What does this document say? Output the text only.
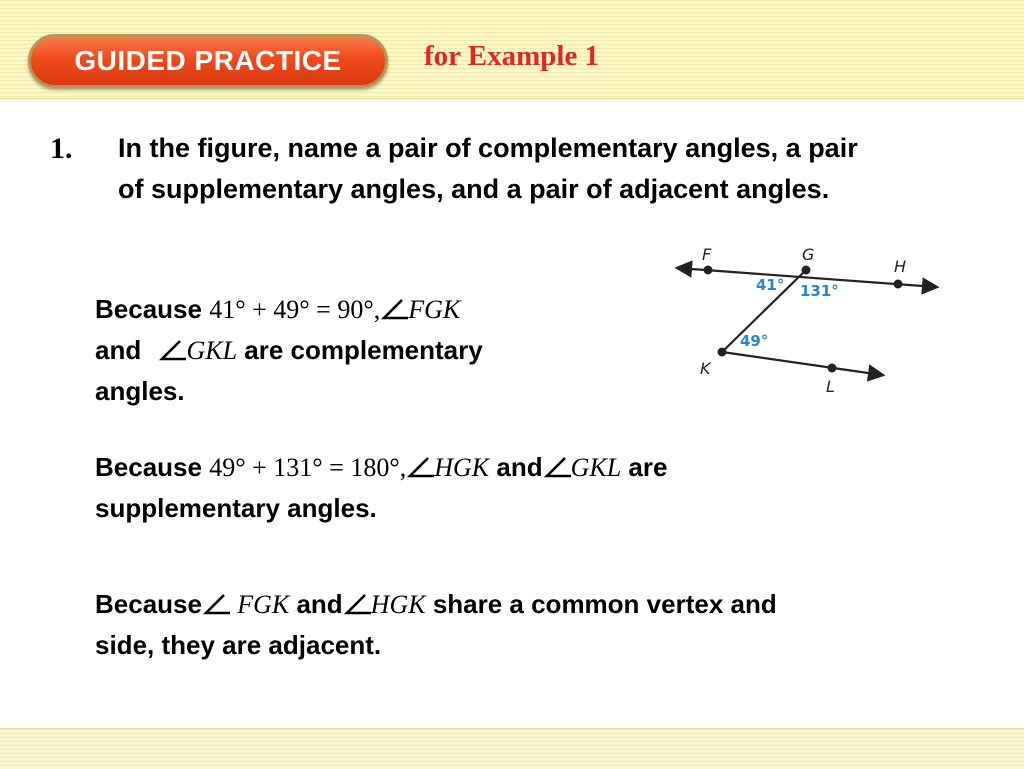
GUIDED PRACTICE	for Example 1
1. In the figure, name a pair of complementary angles, a pair of supplementary angles, and a pair of adjacent angles.
Because 41° + 49° = 90°, FGK
and GKL are complementary
angles.
Because 49° + 131° = 180°, HGK and GKL are
supplementary angles.
Because FGK and HGK share a common vertex and
side, they are adjacent.
F	G
H
K
L
41° 131°
49°
